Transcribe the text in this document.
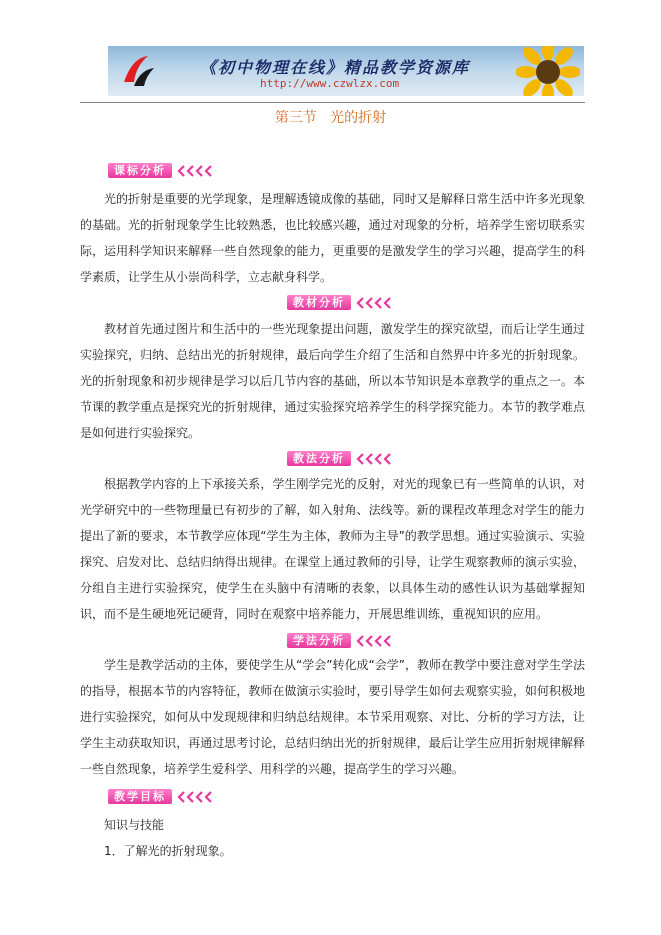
《初中物理在线》精品教学资源库
http://www.czwlzx.com
第三节   光的折射
课标分析

光的折射是重要的光学现象，是理解透镜成像的基础，同时又是解释日常生活中许多光现象的基础。光的折射现象学生比较熟悉，也比较感兴趣，通过对现象的分析，培养学生密切联系实际，运用科学知识来解释一些自然现象的能力，更重要的是激发学生的学习兴趣，提高学生的科学素质，让学生从小崇尚科学，立志献身科学。

教材分析

教材首先通过图片和生活中的一些光现象提出问题，激发学生的探究欲望，而后让学生通过实验探究，归纳、总结出光的折射规律，最后向学生介绍了生活和自然界中许多光的折射现象。光的折射现象和初步规律是学习以后几节内容的基础，所以本节知识是本章教学的重点之一。本节课的教学重点是探究光的折射规律，通过实验探究培养学生的科学探究能力。本节的教学难点是如何进行实验探究。

教法分析

根据教学内容的上下承接关系，学生刚学完光的反射，对光的现象已有一些简单的认识，对光学研究中的一些物理量已有初步的了解，如入射角、法线等。新的课程改革理念对学生的能力提出了新的要求，本节教学应体现“学生为主体，教师为主导”的教学思想。通过实验演示、实验探究、启发对比、总结归纳得出规律。在课堂上通过教师的引导，让学生观察教师的演示实验，分组自主进行实验探究，使学生在头脑中有清晰的表象，以具体生动的感性认识为基础掌握知识，而不是生硬地死记硬背，同时在观察中培养能力，开展思维训练，重视知识的应用。

学法分析

学生是教学活动的主体，要使学生从“学会”转化成“会学”，教师在教学中要注意对学生学法的指导，根据本节的内容特征，教师在做演示实验时，要引导学生如何去观察实验，如何积极地进行实验探究，如何从中发现规律和归纳总结规律。本节采用观察、对比、分析的学习方法，让学生主动获取知识，再通过思考讨论，总结归纳出光的折射规律，最后让学生应用折射规律解释一些自然现象，培养学生爱科学、用科学的兴趣，提高学生的学习兴趣。

教学目标
知识与技能
1．了解光的折射现象。
